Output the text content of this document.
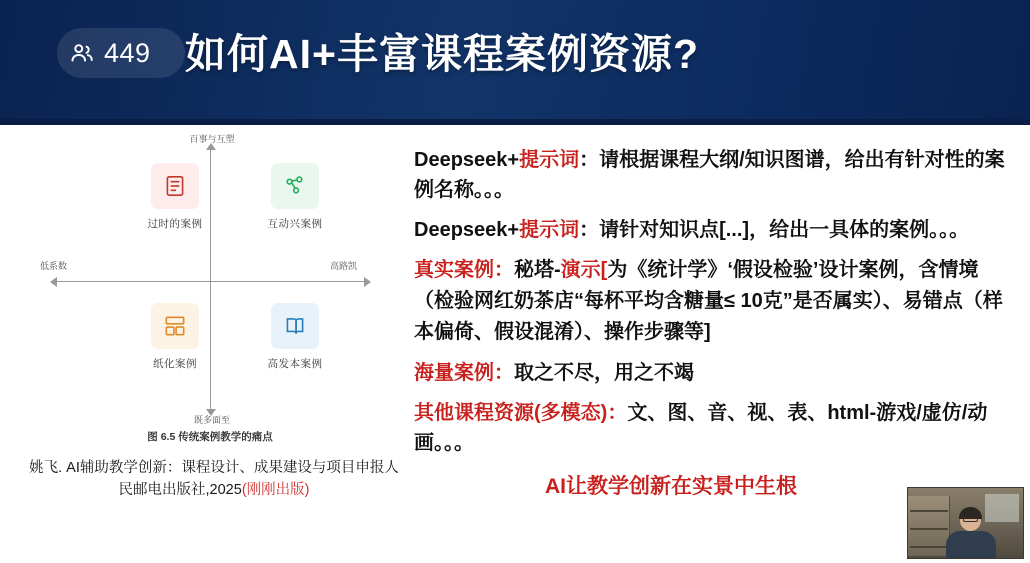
449 如何AI+丰富课程案例资源?
百事与互塑
既多面至
低系数	高路凯
过时的案例	互动兴案例
纸化案例	高发本案例
图 6.5 传统案例教学的痛点
姚飞. AI辅助教学创新：课程设计、成果建设与项目申报人民邮电出版社,2025(刚刚出版)
Deepseek+提示词：请根据课程大纲/知识图谱，给出有针对性的案例名称。。。
Deepseek+提示词：请针对知识点[...]，给出一具体的案例。。。
真实案例：秘塔-演示[为《统计学》‘假设检验’设计案例，含情境（检验网红奶茶店“每杯平均含糖量≤ 10克”是否属实）、易错点（样本偏倚、假设混淆）、操作步骤等]
海量案例：取之不尽，用之不竭
其他课程资源(多模态)：文、图、音、视、表、html-游戏/虚仿/动画。。。
AI让教学创新在实景中生根
